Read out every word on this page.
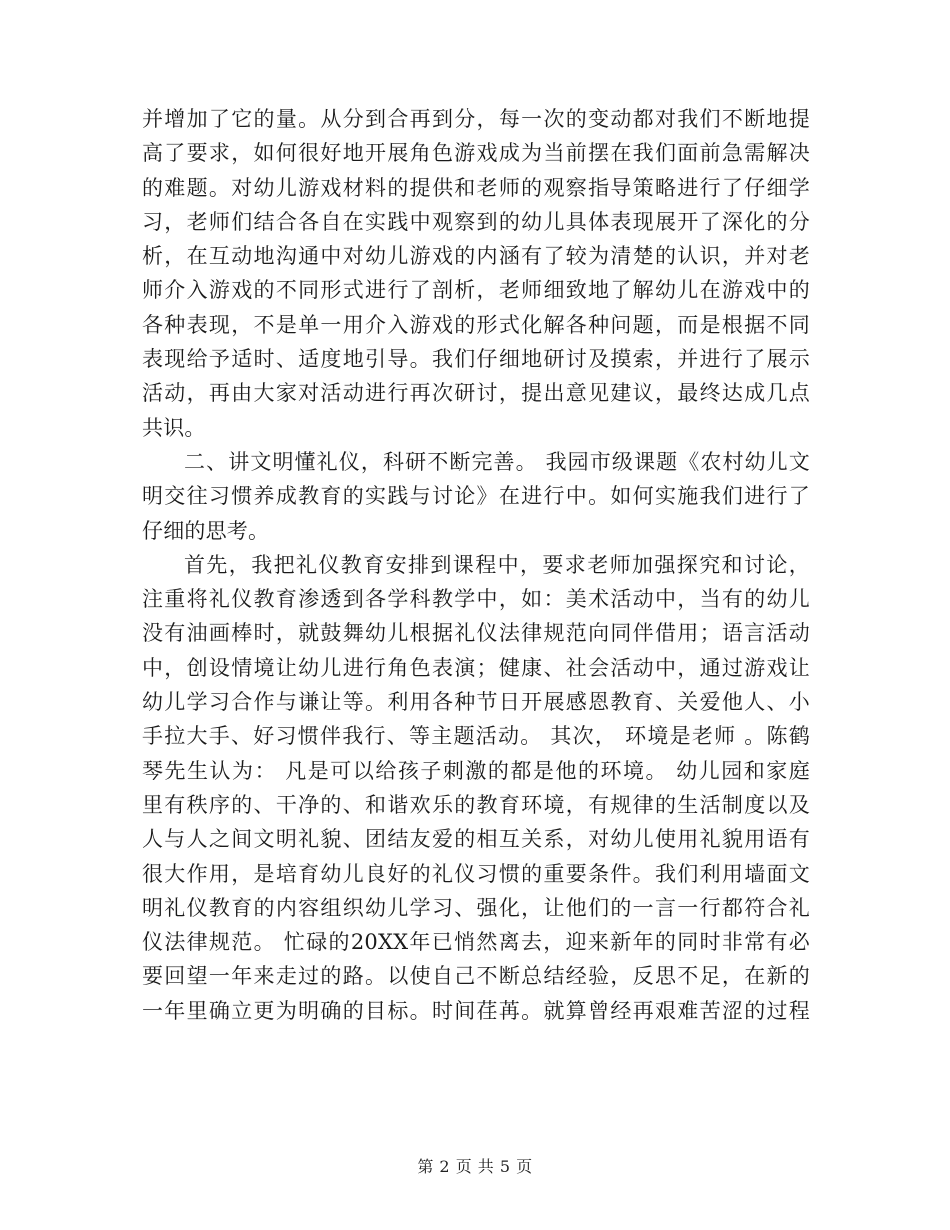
并增加了它的量。从分到合再到分，每一次的变动都对我们不断地提
高了要求，如何很好地开展角色游戏成为当前摆在我们面前急需解决
的难题。对幼儿游戏材料的提供和老师的观察指导策略进行了仔细学
习，老师们结合各自在实践中观察到的幼儿具体表现展开了深化的分
析，在互动地沟通中对幼儿游戏的内涵有了较为清楚的认识，并对老
师介入游戏的不同形式进行了剖析，老师细致地了解幼儿在游戏中的
各种表现，不是单一用介入游戏的形式化解各种问题，而是根据不同
表现给予适时、适度地引导。我们仔细地研讨及摸索，并进行了展示
活动，再由大家对活动进行再次研讨，提出意见建议，最终达成几点
共识。
二、讲文明懂礼仪，科研不断完善。 我园市级课题《农村幼儿文
明交往习惯养成教育的实践与讨论》在进行中。如何实施我们进行了
仔细的思考。
首先，我把礼仪教育安排到课程中，要求老师加强探究和讨论，
注重将礼仪教育渗透到各学科教学中，如：美术活动中，当有的幼儿
没有油画棒时，就鼓舞幼儿根据礼仪法律规范向同伴借用；语言活动
中，创设情境让幼儿进行角色表演；健康、社会活动中，通过游戏让
幼儿学习合作与谦让等。利用各种节日开展感恩教育、关爱他人、小
手拉大手、好习惯伴我行、等主题活动。 其次， 环境是老师 。陈鹤
琴先生认为： 凡是可以给孩子刺激的都是他的环境。 幼儿园和家庭
里有秩序的、干净的、和谐欢乐的教育环境，有规律的生活制度以及
人与人之间文明礼貌、团结友爱的相互关系，对幼儿使用礼貌用语有
很大作用，是培育幼儿良好的礼仪习惯的重要条件。我们利用墙面文
明礼仪教育的内容组织幼儿学习、强化，让他们的一言一行都符合礼
仪法律规范。 忙碌的20XX年已悄然离去，迎来新年的同时非常有必
要回望一年来走过的路。以使自己不断总结经验，反思不足，在新的
一年里确立更为明确的目标。时间荏苒。就算曾经再艰难苦涩的过程
第 2 页 共 5 页
